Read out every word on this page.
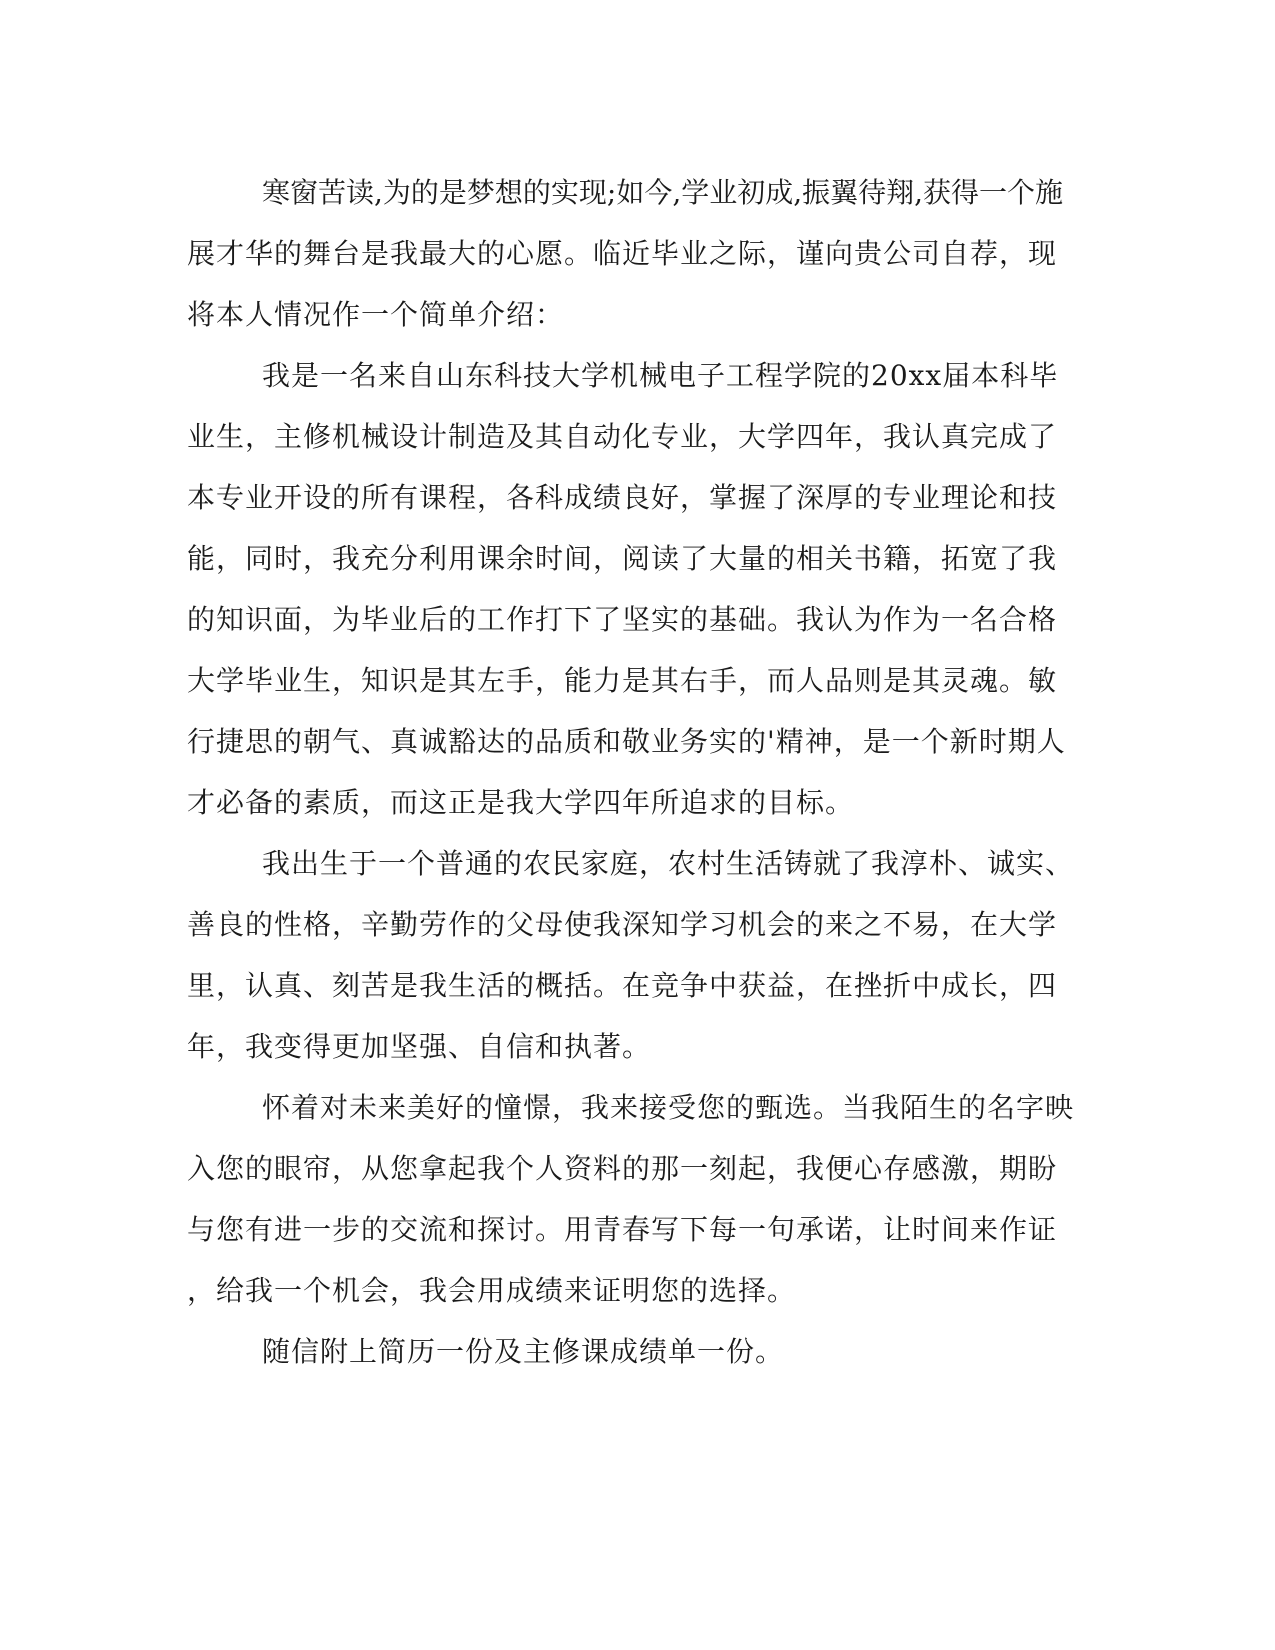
寒窗苦读,为的是梦想的实现;如今,学业初成,振翼待翔,获得一个施
展才华的舞台是我最大的心愿。临近毕业之际，谨向贵公司自荐，现
将本人情况作一个简单介绍：
我是一名来自山东科技大学机械电子工程学院的20xx届本科毕
业生，主修机械设计制造及其自动化专业，大学四年，我认真完成了
本专业开设的所有课程，各科成绩良好，掌握了深厚的专业理论和技
能，同时，我充分利用课余时间，阅读了大量的相关书籍，拓宽了我
的知识面，为毕业后的工作打下了坚实的基础。我认为作为一名合格
大学毕业生，知识是其左手，能力是其右手，而人品则是其灵魂。敏
行捷思的朝气、真诚豁达的品质和敬业务实的'精神，是一个新时期人
才必备的素质，而这正是我大学四年所追求的目标。
我出生于一个普通的农民家庭，农村生活铸就了我淳朴、诚实、
善良的性格，辛勤劳作的父母使我深知学习机会的来之不易，在大学
里，认真、刻苦是我生活的概括。在竞争中获益，在挫折中成长，四
年，我变得更加坚强、自信和执著。
怀着对未来美好的憧憬，我来接受您的甄选。当我陌生的名字映
入您的眼帘，从您拿起我个人资料的那一刻起，我便心存感激，期盼
与您有进一步的交流和探讨。用青春写下每一句承诺，让时间来作证
，给我一个机会，我会用成绩来证明您的选择。
随信附上简历一份及主修课成绩单一份。
